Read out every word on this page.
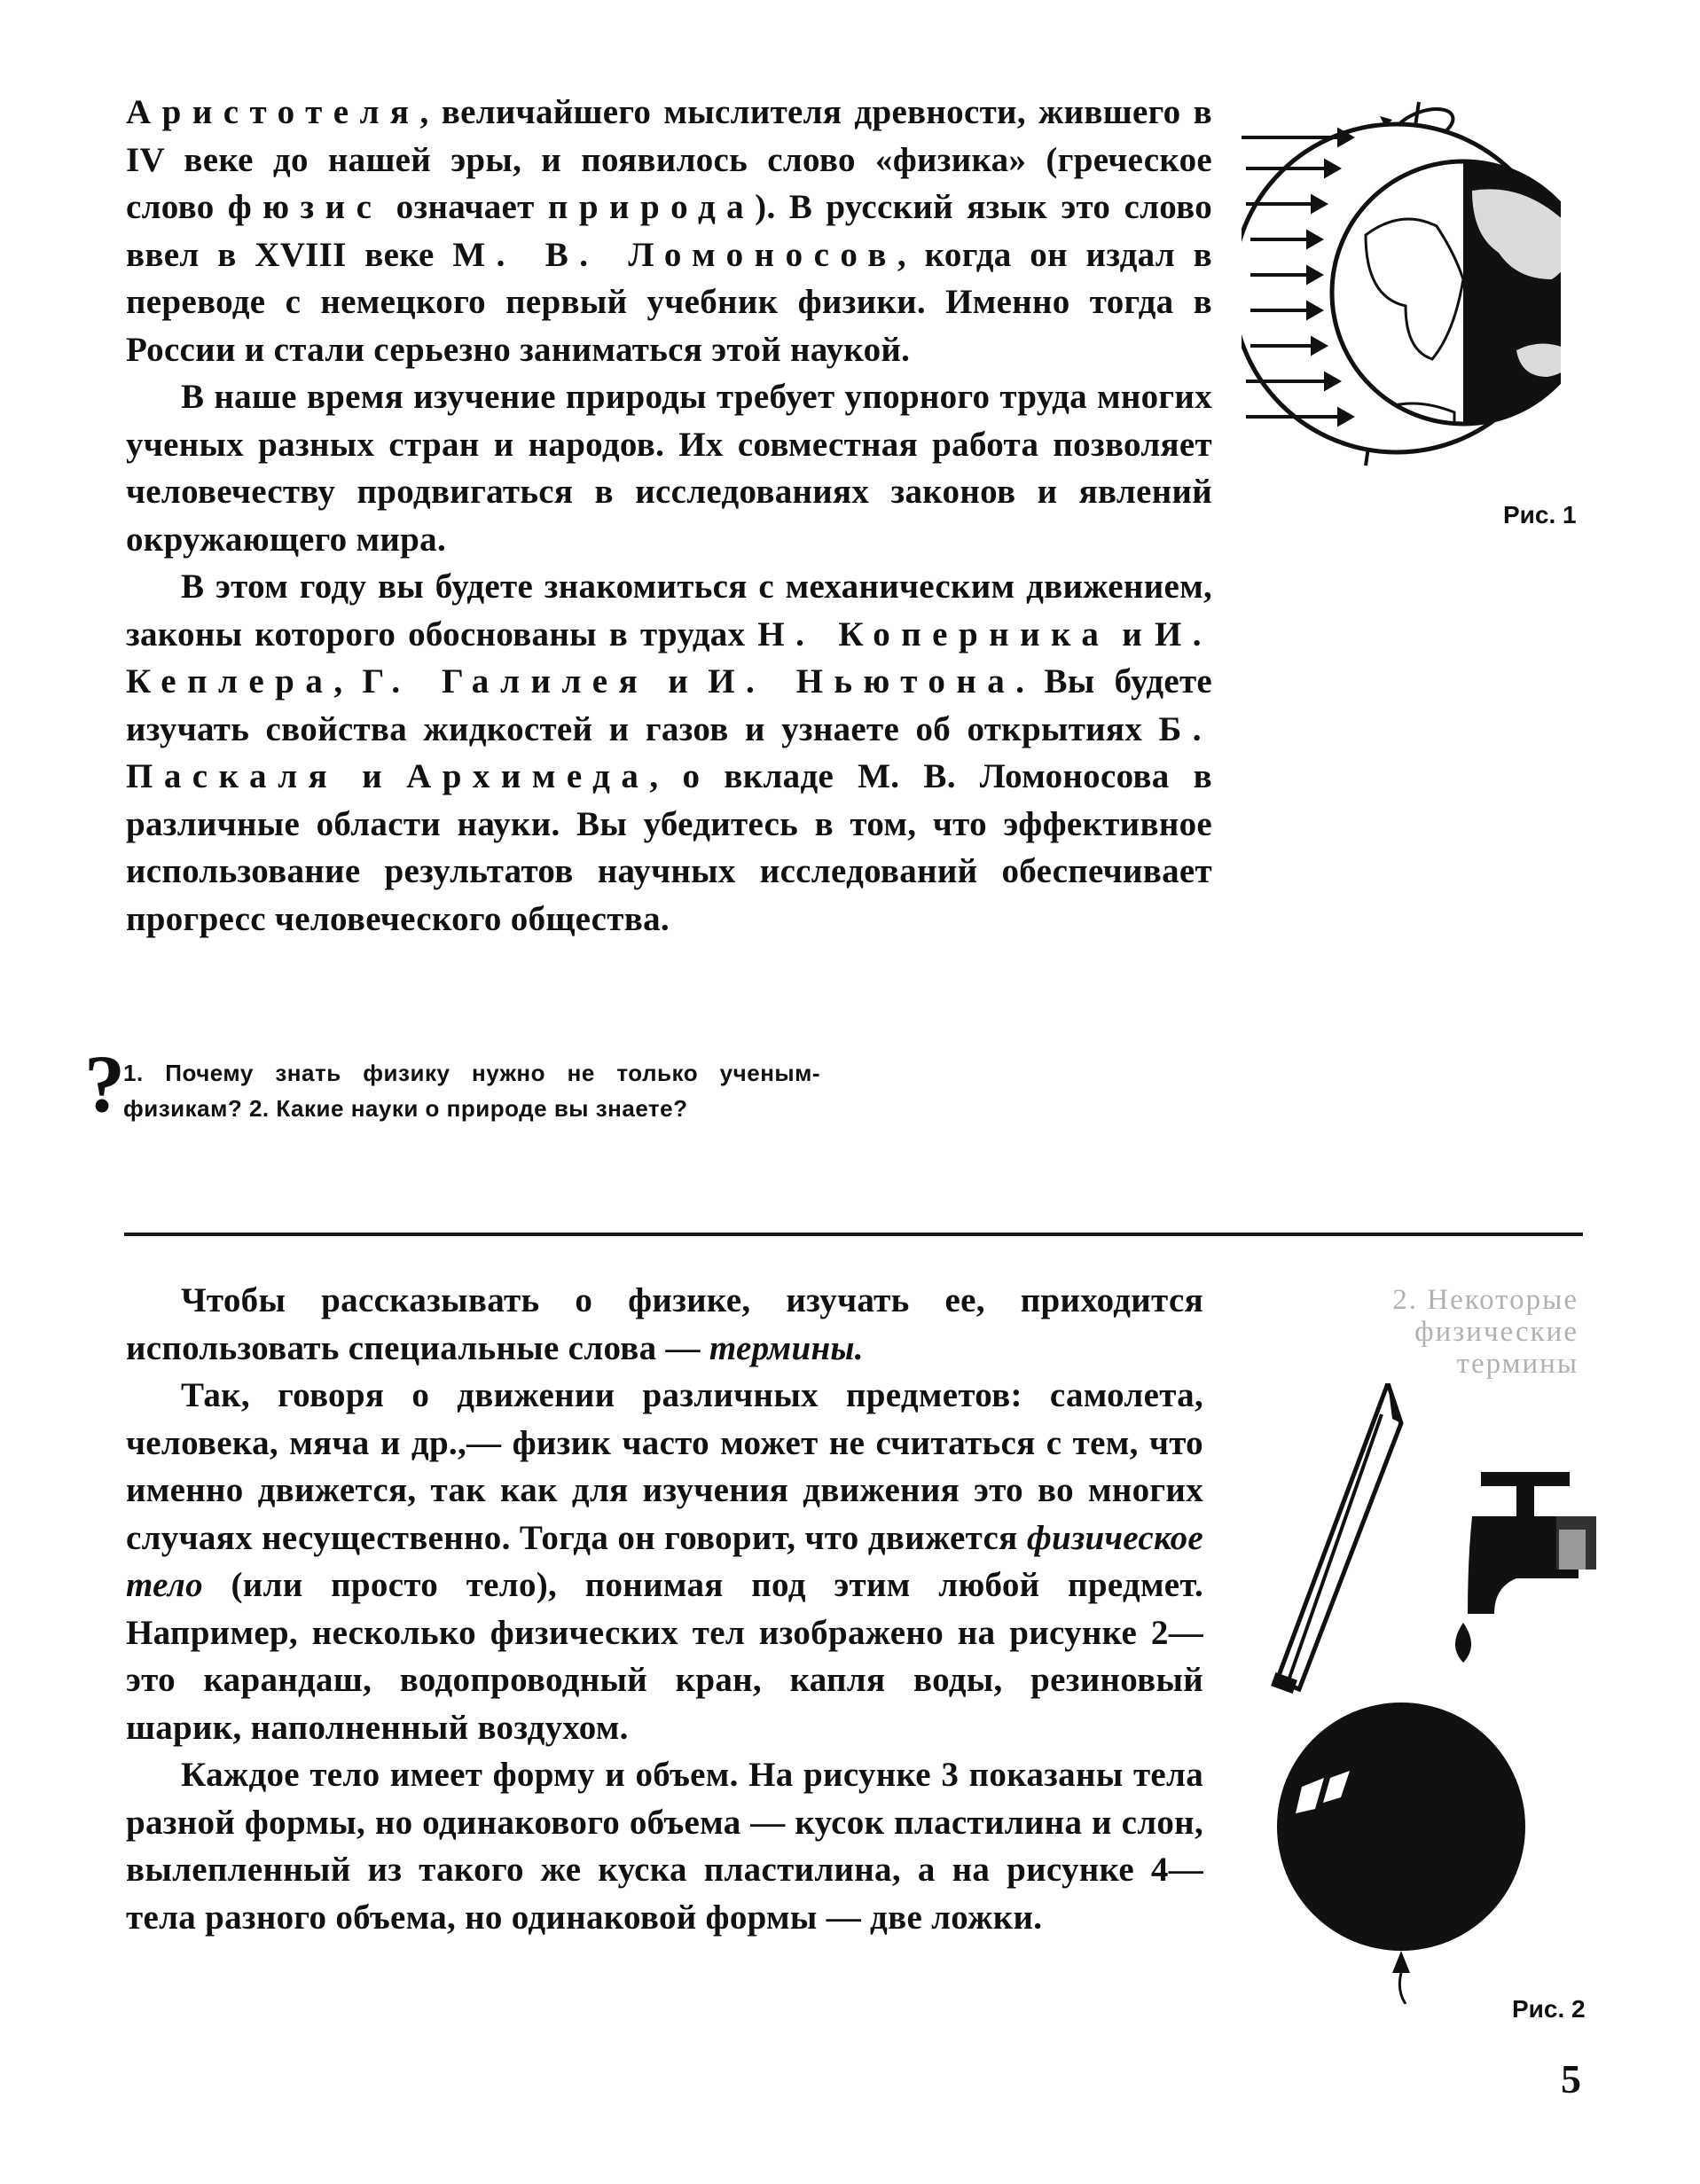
Аристотеля, величайшего мыслителя древности, жившего в IV веке до нашей эры, и появилось слово «физика» (греческое слово фюзис означает природа). В русский язык это слово ввел в XVIII веке М. В. Ломоносов, когда он издал в переводе с немецкого первый учебник физики. Именно тогда в России и стали серьезно заниматься этой наукой.

В наше время изучение природы требует упорного труда многих ученых разных стран и народов. Их совместная работа позволяет человечеству продвигаться в исследованиях законов и явлений окружающего мира.

В этом году вы будете знакомиться с механическим движением, законы которого обоснованы в трудах Н. Коперника и И. Кеплера, Г. Галилея и И. Ньютона. Вы будете изучать свойства жидкостей и газов и узнаете об открытиях Б. Паскаля и Архимеда, о вкладе М. В. Ломоносова в различные области науки. Вы убедитесь в том, что эффективное использование результатов научных исследований обеспечивает прогресс человеческого общества.

Рис. 1
?
1. Почему знать физику нужно не только ученым-физикам? 2. Какие науки о природе вы знаете?
2. Некоторые физические термины

Чтобы рассказывать о физике, изучать ее, приходится использовать специальные слова — термины.

Так, говоря о движении различных предметов: самолета, человека, мяча и др.,— физик часто может не считаться с тем, что именно движется, так как для изучения движения это во многих случаях несущественно. Тогда он говорит, что движется физическое тело (или просто тело), понимая под этим любой предмет. Например, несколько физических тел изображено на рисунке 2— это карандаш, водопроводный кран, капля воды, резиновый шарик, наполненный воздухом.

Каждое тело имеет форму и объем. На рисунке 3 показаны тела разной формы, но одинакового объема — кусок пластилина и слон, вылепленный из такого же куска пластилина, а на рисунке 4— тела разного объема, но одинаковой формы — две ложки.

Рис. 2
5
